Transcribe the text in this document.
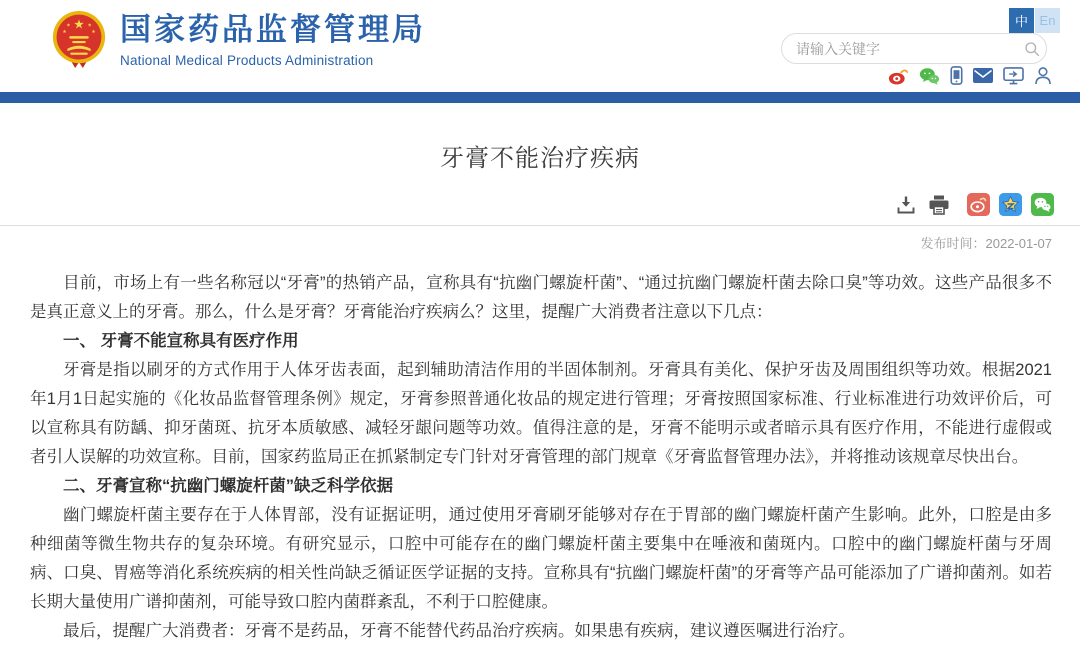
★
★	★
★	★ 国家药品监督管理局
National Medical Products Administration
中 En
请输入关键字
牙膏不能治疗疾病
发布时间：2022-01-07

目前，市场上有一些名称冠以“牙膏”的热销产品，宣称具有“抗幽门螺旋杆菌”、“通过抗幽门螺旋杆菌去除口臭”等功效。这些产品很多不是真正意义上的牙膏。那么，什么是牙膏？牙膏能治疗疾病么？这里，提醒广大消费者注意以下几点：

一、 牙膏不能宣称具有医疗作用

牙膏是指以刷牙的方式作用于人体牙齿表面，起到辅助清洁作用的半固体制剂。牙膏具有美化、保护牙齿及周围组织等功效。根据2021年1月1日起实施的《化妆品监督管理条例》规定，牙膏参照普通化妆品的规定进行管理；牙膏按照国家标准、行业标准进行功效评价后，可以宣称具有防龋、抑牙菌斑、抗牙本质敏感、减轻牙龈问题等功效。值得注意的是，牙膏不能明示或者暗示具有医疗作用，不能进行虚假或者引人误解的功效宣称。目前，国家药监局正在抓紧制定专门针对牙膏管理的部门规章《牙膏监督管理办法》，并将推动该规章尽快出台。

二、牙膏宣称“抗幽门螺旋杆菌”缺乏科学依据

幽门螺旋杆菌主要存在于人体胃部，没有证据证明，通过使用牙膏刷牙能够对存在于胃部的幽门螺旋杆菌产生影响。此外，口腔是由多种细菌等微生物共存的复杂环境。有研究显示，口腔中可能存在的幽门螺旋杆菌主要集中在唾液和菌斑内。口腔中的幽门螺旋杆菌与牙周病、口臭、胃癌等消化系统疾病的相关性尚缺乏循证医学证据的支持。宣称具有“抗幽门螺旋杆菌”的牙膏等产品可能添加了广谱抑菌剂。如若长期大量使用广谱抑菌剂，可能导致口腔内菌群紊乱，不利于口腔健康。

最后，提醒广大消费者：牙膏不是药品，牙膏不能替代药品治疗疾病。如果患有疾病，建议遵医嘱进行治疗。
